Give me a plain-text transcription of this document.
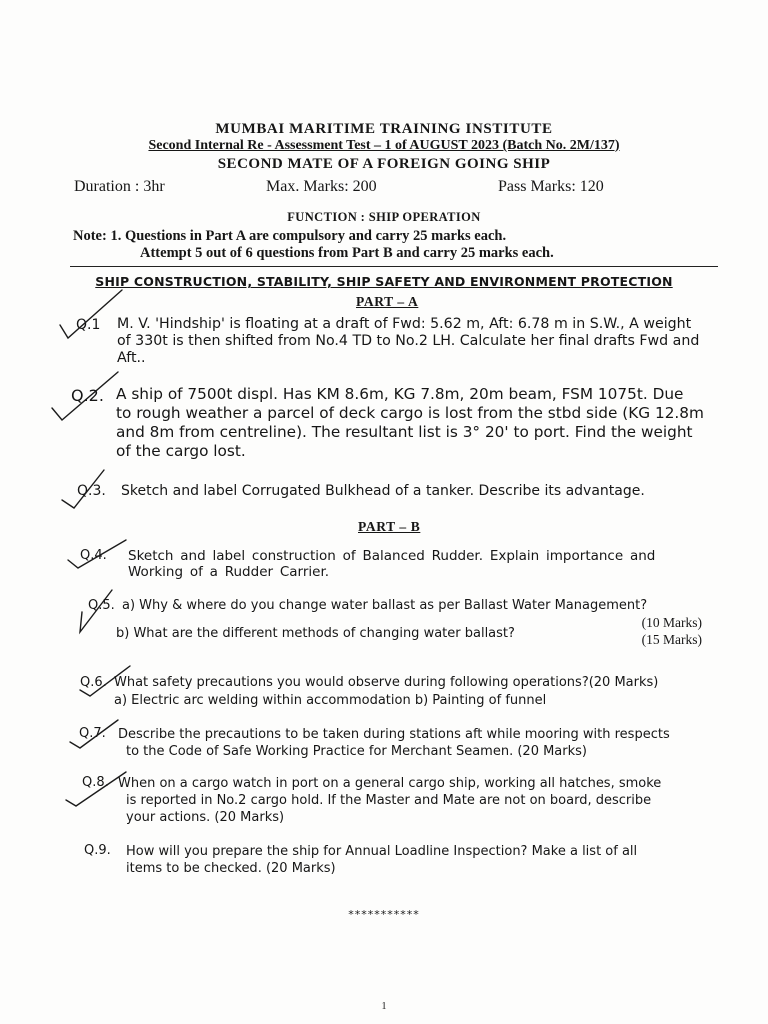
MUMBAI MARITIME TRAINING INSTITUTE
Second Internal Re - Assessment Test – 1 of AUGUST 2023 (Batch No. 2M/137)
SECOND MATE OF A FOREIGN GOING SHIP
Duration : 3hr	Max. Marks: 200	Pass Marks: 120
FUNCTION : SHIP OPERATION
Note: 1. Questions in Part A are compulsory and carry 25 marks each.
Attempt 5 out of 6 questions from Part B and carry 25 marks each.
SHIP CONSTRUCTION, STABILITY, SHIP SAFETY AND ENVIRONMENT PROTECTION
PART – A
Q.1 M. V. 'Hindship' is floating at a draft of Fwd: 5.62 m, Aft: 6.78 m in S.W., A weight
of 330t is then shifted from No.4 TD to No.2 LH. Calculate her final drafts Fwd and
Aft..
Q.2. A ship of 7500t displ. Has KM 8.6m, KG 7.8m, 20m beam, FSM 1075t. Due
to rough weather a parcel of deck cargo is lost from the stbd side (KG 12.8m
and 8m from centreline). The resultant list is 3° 20' to port. Find the weight
of the cargo lost.
Q.3. Sketch and label Corrugated Bulkhead of a tanker. Describe its advantage.
PART – B
Q.4. Sketch and label construction of Balanced Rudder. Explain importance and
Working of a Rudder Carrier.
Q.5. a) Why & where do you change water ballast as per Ballast Water Management?
(10 Marks)
b) What are the different methods of changing water ballast?	(15 Marks)
Q.6. What safety precautions you would observe during following operations?(20 Marks)
a) Electric arc welding within accommodation b) Painting of funnel
Q.7. Describe the precautions to be taken during stations aft while mooring with respects
to the Code of Safe Working Practice for Merchant Seamen. (20 Marks)
Q.8. When on a cargo watch in port on a general cargo ship, working all hatches, smoke
is reported in No.2 cargo hold. If the Master and Mate are not on board, describe
your actions. (20 Marks)
Q.9. How will you prepare the ship for Annual Loadline Inspection? Make a list of all
items to be checked. (20 Marks)
***********
1
